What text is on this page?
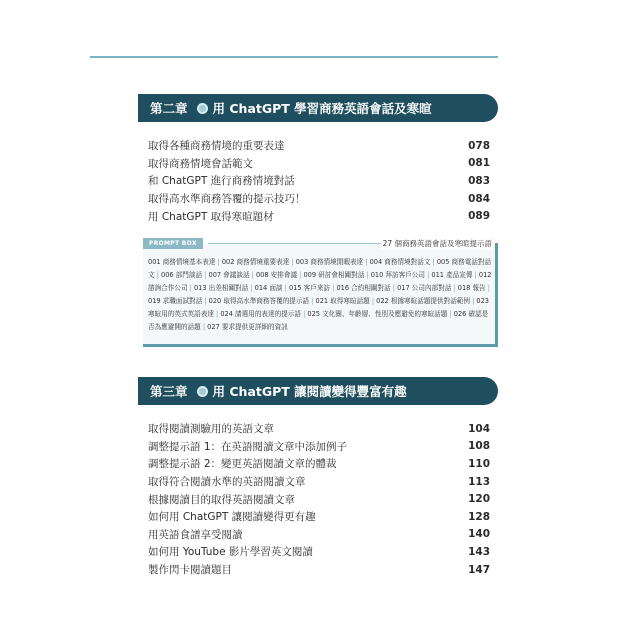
第二章 用 ChatGPT 學習商務英語會話及寒暄
取得各種商務情境的重要表達	078
取得商務情境會話範文	081
和 ChatGPT 進行商務情境對話	083
取得高水準商務答覆的提示技巧！	084
用 ChatGPT 取得寒暄題材	089
PROMPT BOX	27 個商務英語會話及寒暄提示語
001 商務情境基本表達 | 002 商務情境重要表達 | 003 商務情境閒暇表達 | 004 商務情境對話文 | 005 商務電話對話文 | 006 部門談話 | 007 會議談話 | 008 安排會議 | 009 研討會相關對話 | 010 拜訪客戶公司 | 011 產品宣傳 | 012 諮詢合作公司 | 013 出差相關對話 | 014 面談 | 015 客戶來訪 | 016 合約相關對話 | 017 公司內部對話 | 018 報告 | 019 求職面試對話 | 020 取得高水準商務答覆的提示語 | 021 取得寒暄話題 | 022 根據寒暄話題提供對話範例 | 023 寒暄用的英式英語表達 | 024 請選用的表達的提示語 | 025 文化圈、年齡層、性別及應避免的寒暄話題 | 026 確認是否為應避開的話題 | 027 要求提供更詳細的資訊
第三章 用 ChatGPT 讓閱讀變得豐富有趣
取得閱讀測驗用的英語文章	104
調整提示語 1：在英語閱讀文章中添加例子	108
調整提示語 2：變更英語閱讀文章的體裁	110
取得符合閱讀水準的英語閱讀文章	113
根據閱讀目的取得英語閱讀文章	120
如何用 ChatGPT 讓閱讀變得更有趣	128
用英語食譜享受閱讀	140
如何用 YouTube 影片學習英文閱讀	143
製作閃卡閱讀題目	147
